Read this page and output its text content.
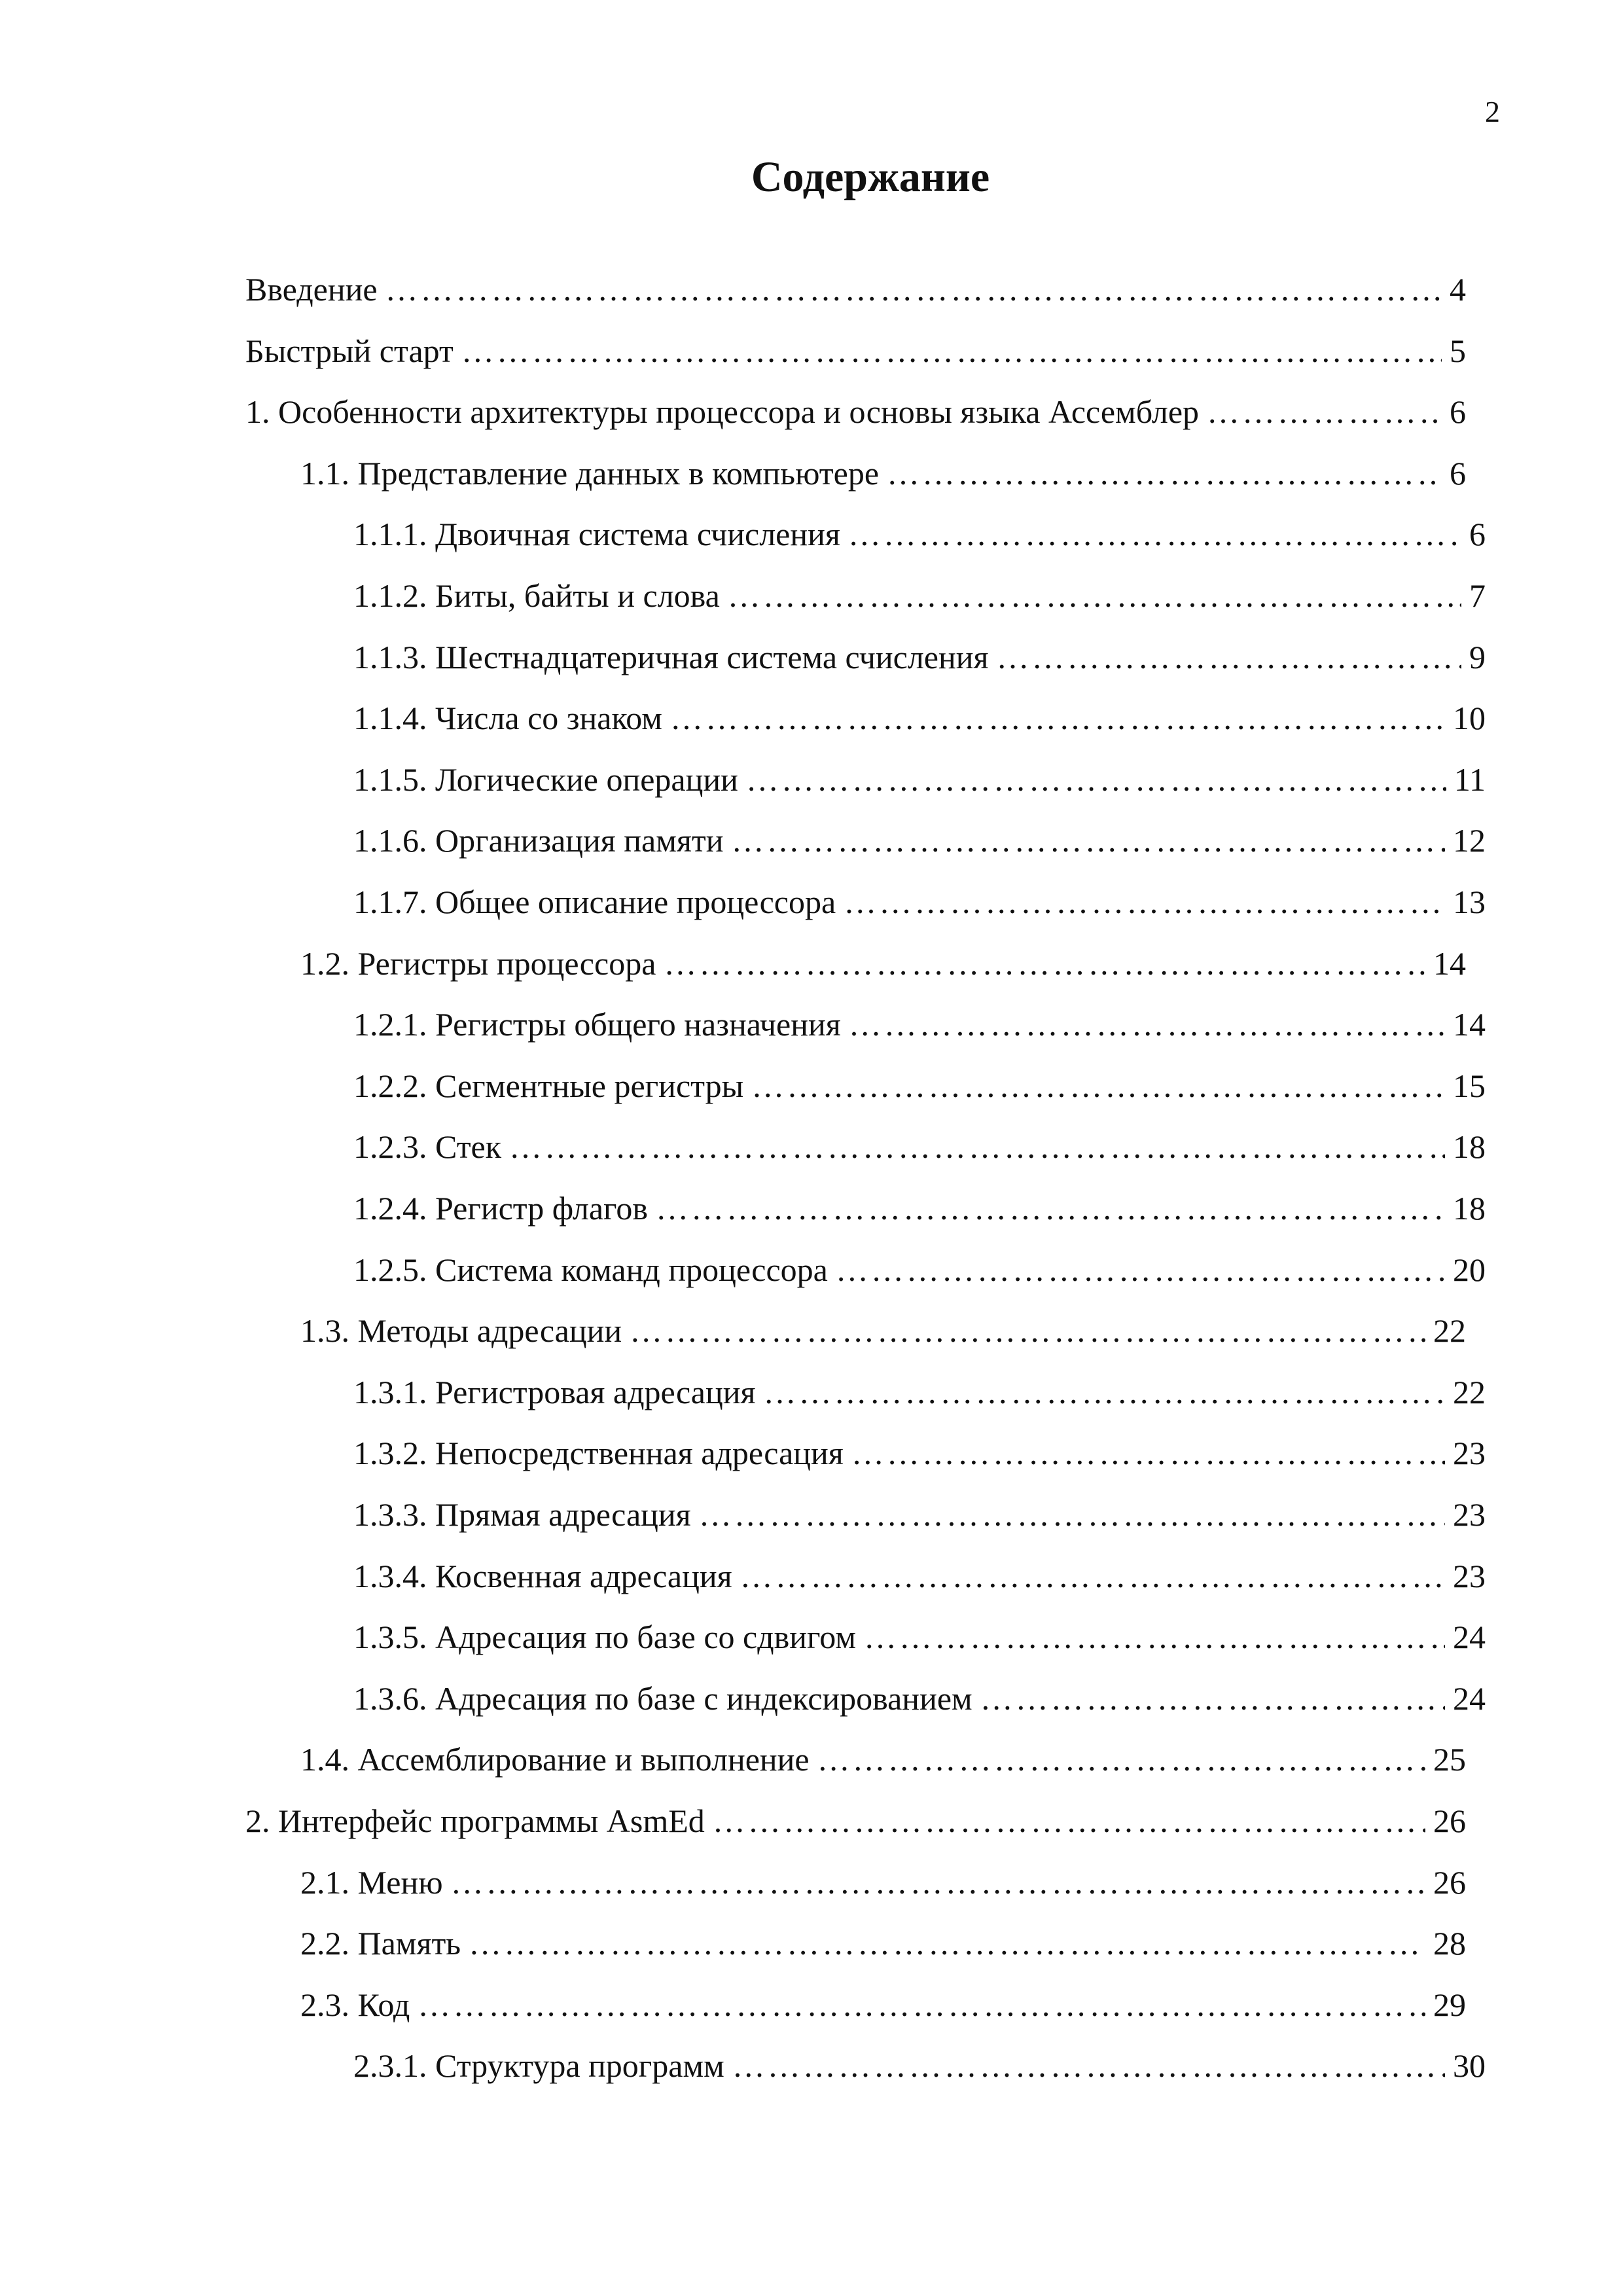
2
Содержание
Введение …………………………………………………………………………………………………………………………………………………………………………………………………………………………………………………………………………	4
Быстрый старт …………………………………………………………………………………………………………………………………………………………………………………………………………………………………………………………………………	5
1. Особенности архитектуры процессора и основы языка Ассемблер …………………………………………………………………………………………………………………………………………………………………………………………………………………………………………………………………………	6
1.1. Представление данных в компьютере …………………………………………………………………………………………………………………………………………………………………………………………………………………………………………………………………………	6
1.1.1. Двоичная система счисления …………………………………………………………………………………………………………………………………………………………………………………………………………………………………………………………………………	6
1.1.2. Биты, байты и слова …………………………………………………………………………………………………………………………………………………………………………………………………………………………………………………………………………	7
1.1.3. Шестнадцатеричная система счисления …………………………………………………………………………………………………………………………………………………………………………………………………………………………………………………………………………	9
1.1.4. Числа со знаком …………………………………………………………………………………………………………………………………………………………………………………………………………………………………………………………………………	10
1.1.5. Логические операции …………………………………………………………………………………………………………………………………………………………………………………………………………………………………………………………………………	11
1.1.6. Организация памяти …………………………………………………………………………………………………………………………………………………………………………………………………………………………………………………………………………	12
1.1.7. Общее описание процессора …………………………………………………………………………………………………………………………………………………………………………………………………………………………………………………………………………	13
1.2. Регистры процессора …………………………………………………………………………………………………………………………………………………………………………………………………………………………………………………………………………	14
1.2.1. Регистры общего назначения …………………………………………………………………………………………………………………………………………………………………………………………………………………………………………………………………………	14
1.2.2. Сегментные регистры …………………………………………………………………………………………………………………………………………………………………………………………………………………………………………………………………………	15
1.2.3. Стек …………………………………………………………………………………………………………………………………………………………………………………………………………………………………………………………………………	18
1.2.4. Регистр флагов …………………………………………………………………………………………………………………………………………………………………………………………………………………………………………………………………………	18
1.2.5. Система команд процессора …………………………………………………………………………………………………………………………………………………………………………………………………………………………………………………………………………	20
1.3. Методы адресации …………………………………………………………………………………………………………………………………………………………………………………………………………………………………………………………………………	22
1.3.1. Регистровая адресация …………………………………………………………………………………………………………………………………………………………………………………………………………………………………………………………………………	22
1.3.2. Непосредственная адресация …………………………………………………………………………………………………………………………………………………………………………………………………………………………………………………………………………	23
1.3.3. Прямая адресация …………………………………………………………………………………………………………………………………………………………………………………………………………………………………………………………………………	23
1.3.4. Косвенная адресация …………………………………………………………………………………………………………………………………………………………………………………………………………………………………………………………………………	23
1.3.5. Адресация по базе со сдвигом …………………………………………………………………………………………………………………………………………………………………………………………………………………………………………………………………………	24
1.3.6. Адресация по базе с индексированием …………………………………………………………………………………………………………………………………………………………………………………………………………………………………………………………………………	24
1.4. Ассемблирование и выполнение …………………………………………………………………………………………………………………………………………………………………………………………………………………………………………………………………………	25
2. Интерфейс программы AsmEd …………………………………………………………………………………………………………………………………………………………………………………………………………………………………………………………………………	26
2.1. Меню …………………………………………………………………………………………………………………………………………………………………………………………………………………………………………………………………………	26
2.2. Память …………………………………………………………………………………………………………………………………………………………………………………………………………………………………………………………………………	28
2.3. Код …………………………………………………………………………………………………………………………………………………………………………………………………………………………………………………………………………	29
2.3.1. Структура программ …………………………………………………………………………………………………………………………………………………………………………………………………………………………………………………………………………	30
